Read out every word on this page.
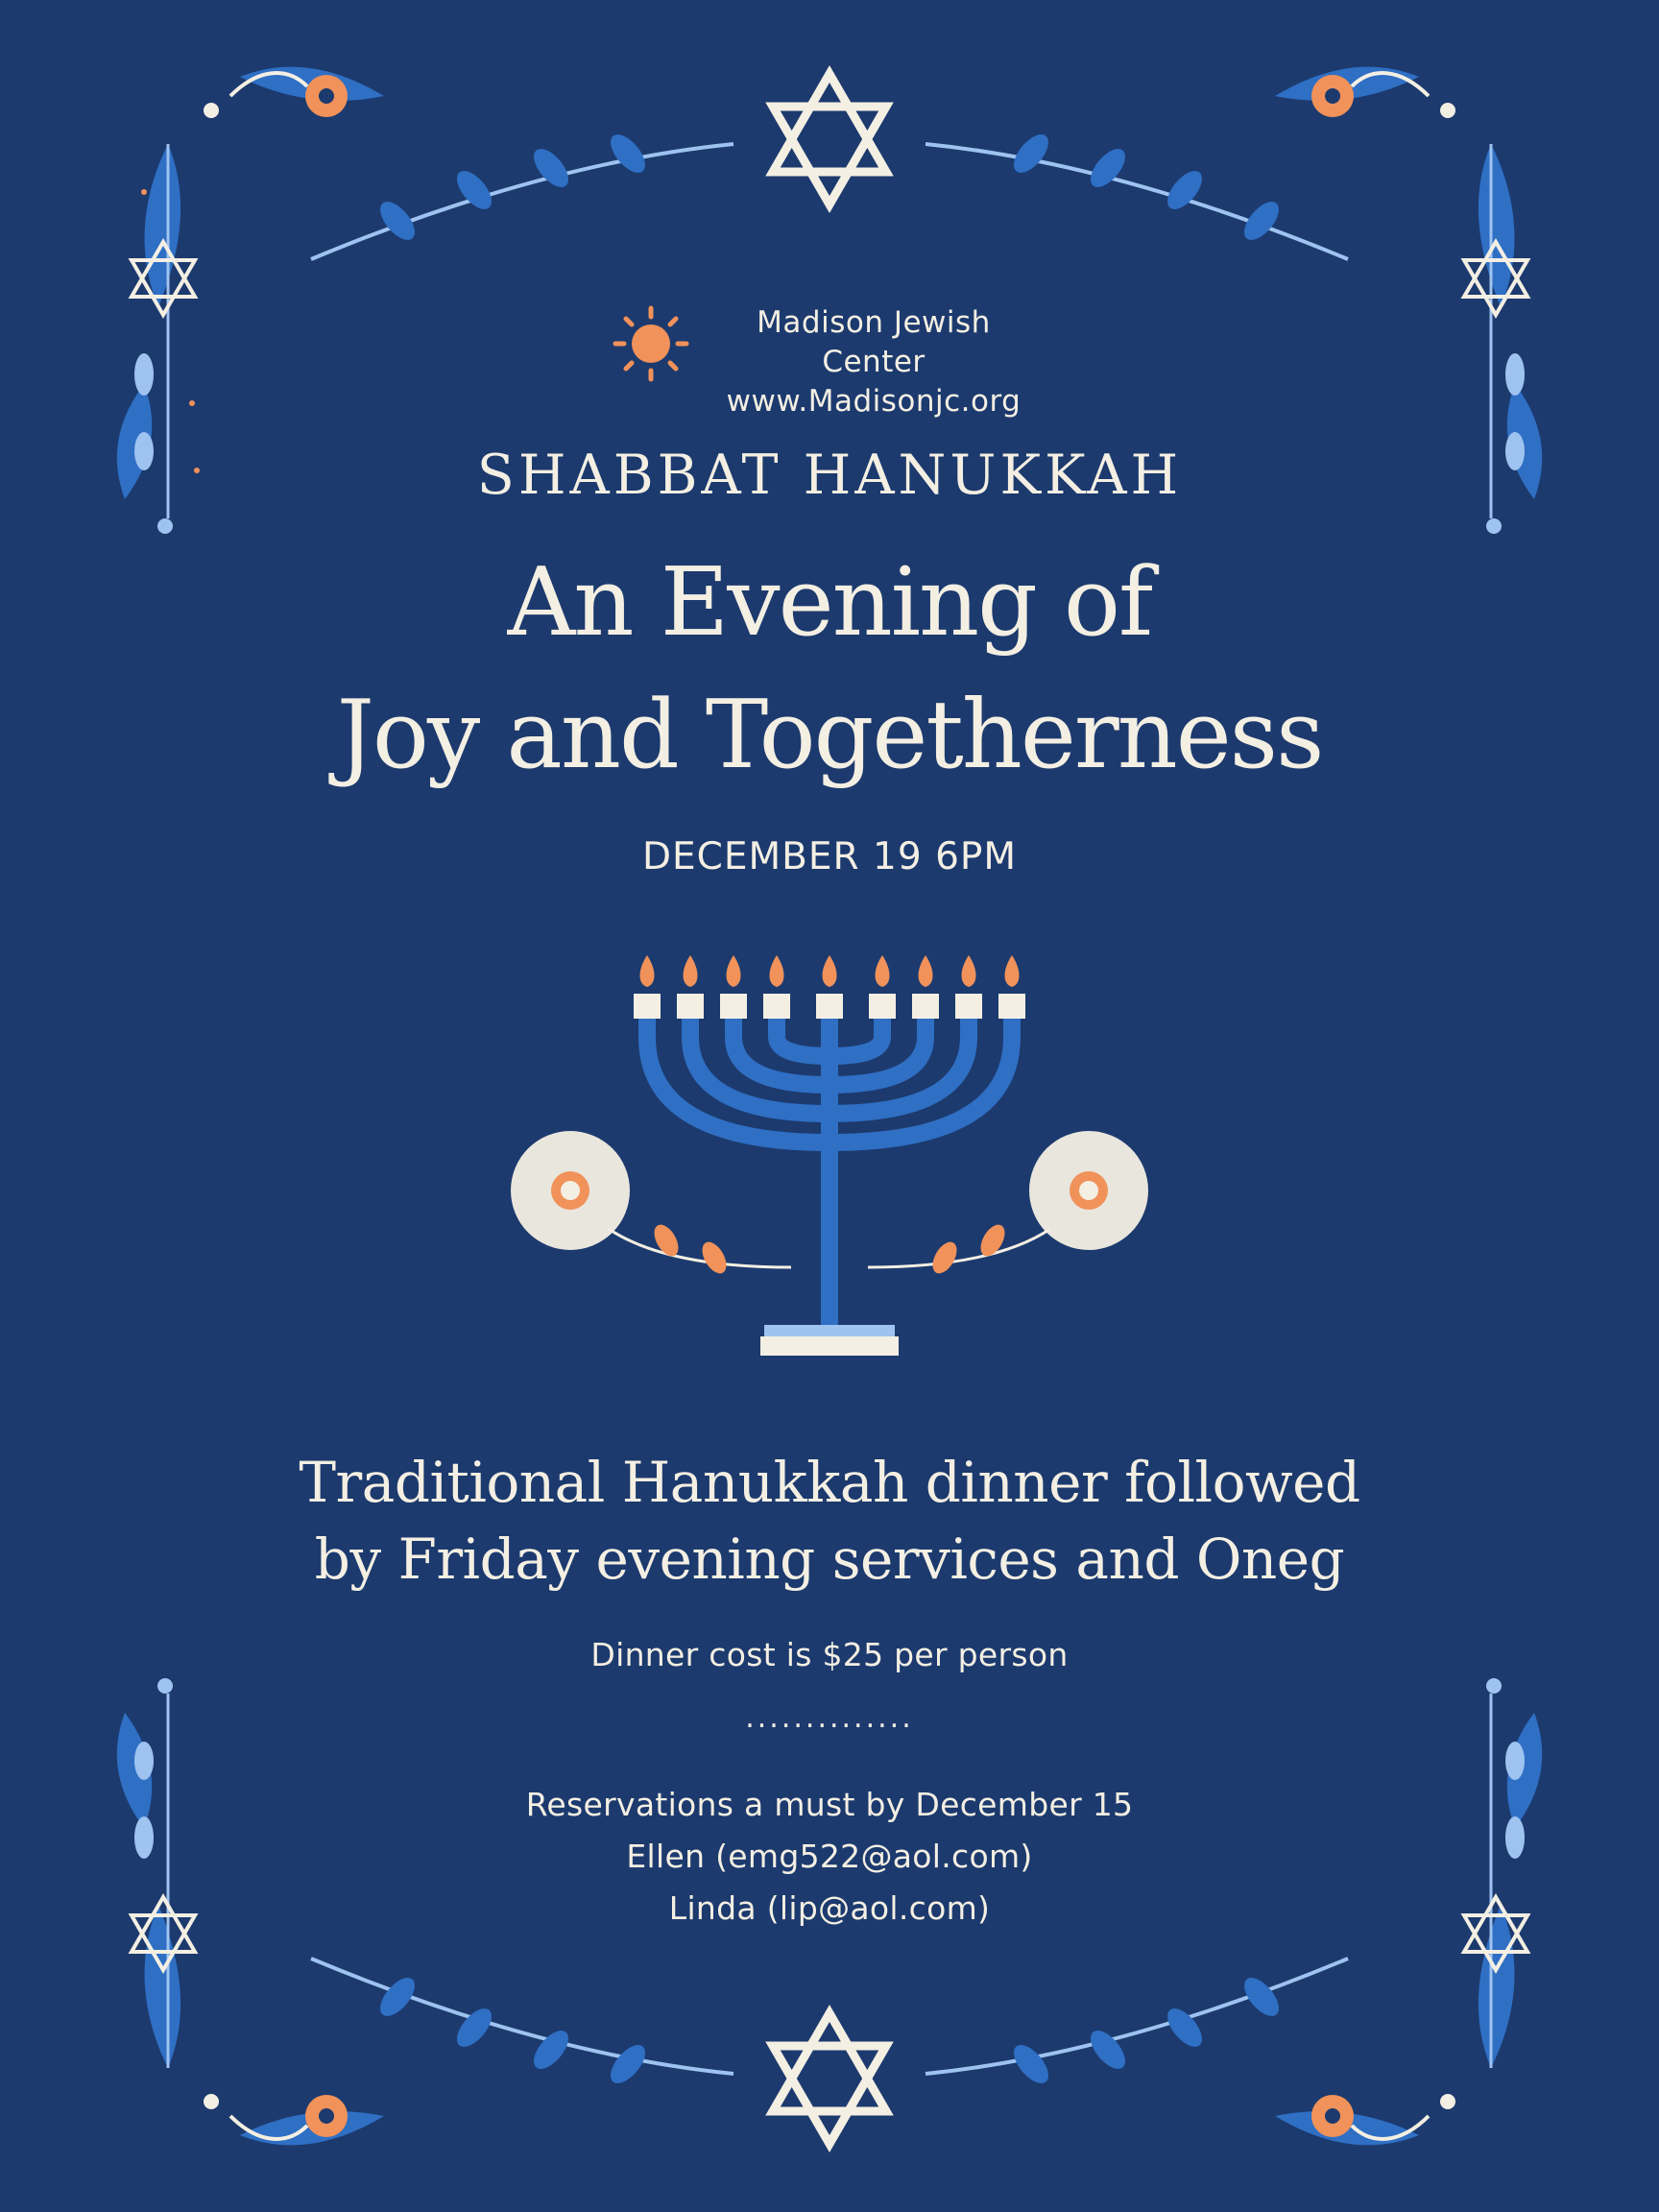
Madison Jewish
Center
www.Madisonjc.org
SHABBAT HANUKKAH
An Evening of
Joy and Togetherness
DECEMBER 19 6PM
Traditional Hanukkah dinner followed
by Friday evening services and Oneg
Dinner cost is $25 per person
..............
Reservations a must by December 15
Ellen (emg522@aol.com)
Linda (lip@aol.com)
